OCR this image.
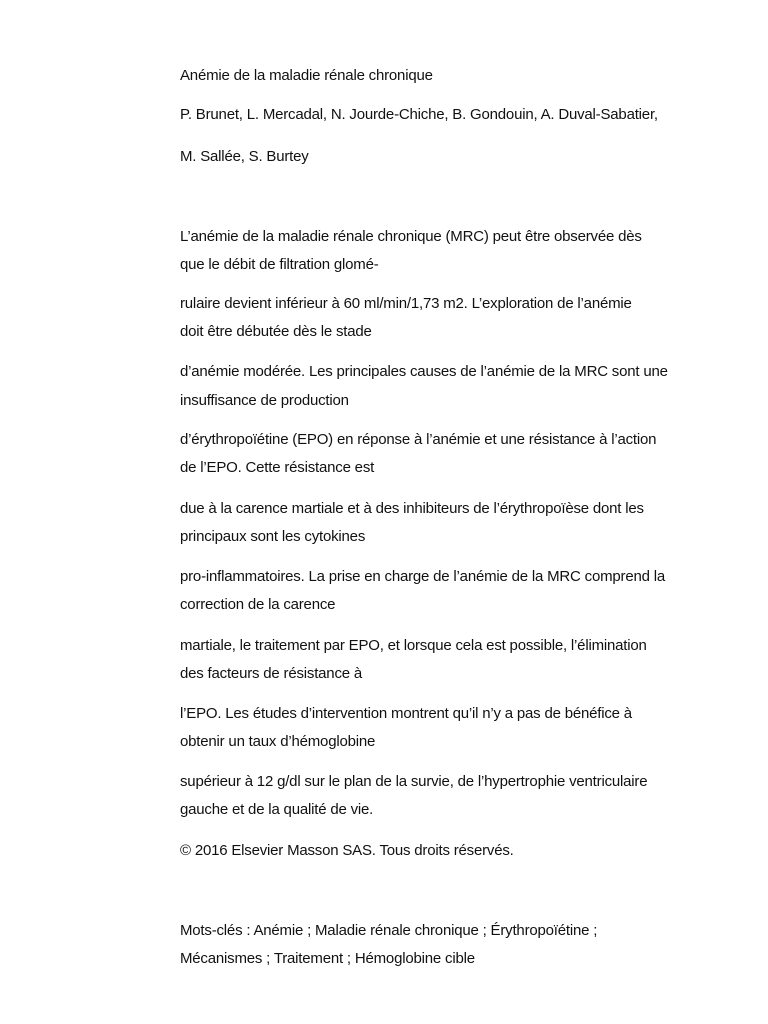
Anémie de la maladie rénale chronique
P. Brunet, L. Mercadal, N. Jourde-Chiche, B. Gondouin, A. Duval-Sabatier,
M. Sallée, S. Burtey
L’anémie de la maladie rénale chronique (MRC) peut être observée dès
que le débit de filtration glomé-
rulaire devient inférieur à 60 ml/min/1,73 m2. L’exploration de l’anémie
doit être débutée dès le stade
d’anémie modérée. Les principales causes de l’anémie de la MRC sont une
insuffisance de production
d’érythropoïétine (EPO) en réponse à l’anémie et une résistance à l’action
de l’EPO. Cette résistance est
due à la carence martiale et à des inhibiteurs de l’érythropoïèse dont les
principaux sont les cytokines
pro-inflammatoires. La prise en charge de l’anémie de la MRC comprend la
correction de la carence
martiale, le traitement par EPO, et lorsque cela est possible, l’élimination
des facteurs de résistance à
l’EPO. Les études d’intervention montrent qu’il n’y a pas de bénéfice à
obtenir un taux d’hémoglobine
supérieur à 12 g/dl sur le plan de la survie, de l’hypertrophie ventriculaire
gauche et de la qualité de vie.
© 2016 Elsevier Masson SAS. Tous droits réservés.
Mots-clés : Anémie ; Maladie rénale chronique ; Érythropoïétine ;
Mécanismes ; Traitement ; Hémoglobine cible
